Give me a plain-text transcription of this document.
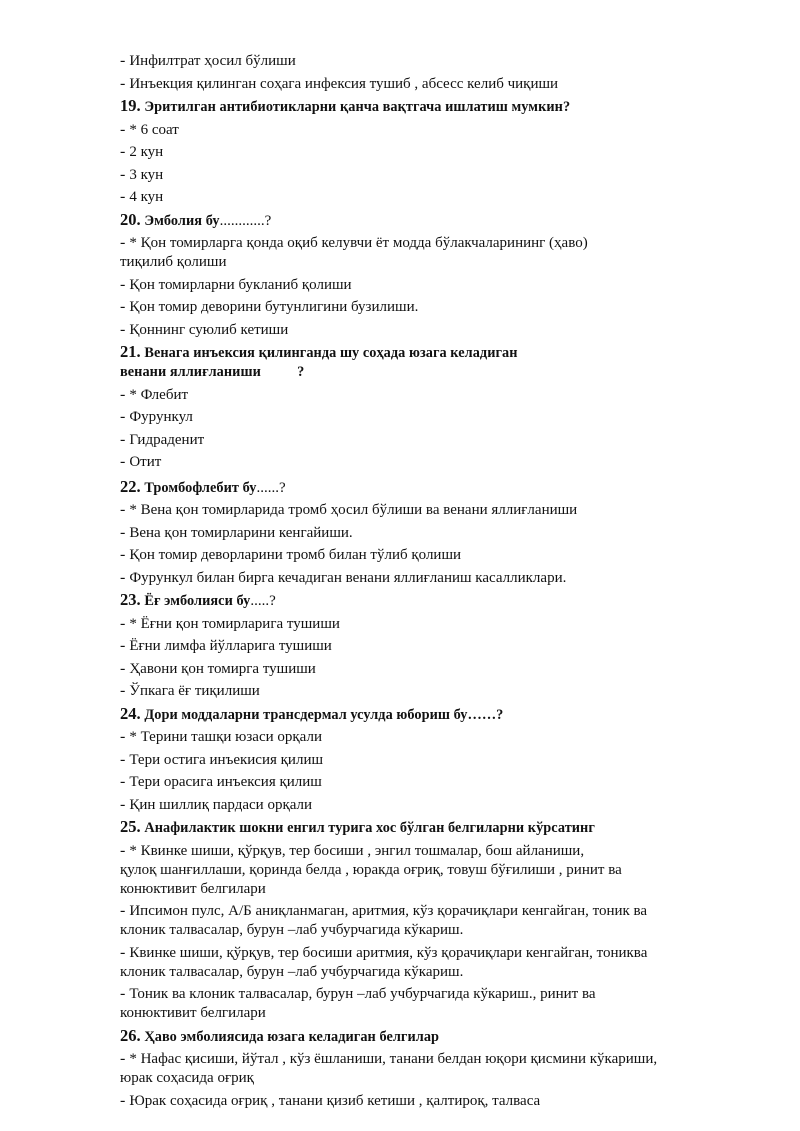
- Инфилтрат ҳосил бўлиши
- Инъекция қилинган соҳага инфексия тушиб , абсесс келиб чиқиши
19. Эритилган антибиотикларни қанча вақтгача ишлатиш мумкин?
- * 6 соат
- 2 кун
- 3 кун
- 4 кун
20. Эмболия бу............?
- * Қон томирларга қонда оқиб келувчи ёт модда бўлакчаларининг (ҳаво)
тиқилиб қолиши
- Қон томирларни букланиб қолиши
- Қон томир деворини бутунлигини бузилиши.
- Қоннинг суюлиб кетиши
21. Венага инъексия қилинганда шу соҳада юзага келадиган
венани яллиғланиши          ?
- * Флебит
- Фурункул
- Гидраденит
- Отит
22. Тромбофлебит бу......?
- * Вена қон томирларида тромб ҳосил бўлиши ва венани яллиғланиши
- Вена қон томирларини кенгайиши.
- Қон томир деворларини тромб билан тўлиб қолиши
- Фурункул билан бирга кечадиган венани яллиғланиш касалликлари.
23. Ёғ эмболияси бу.....?
- * Ёғни қон томирларига тушиши
- Ёғни лимфа йўлларига тушиши
- Ҳавони қон томирга тушиши
- Ўпкага ёғ тиқилиши
24. Дори моддаларни трансдермал усулда юбориш бу……?
- * Терини ташқи юзаси орқали
- Тери остига инъекисия қилиш
- Тери орасига инъексия қилиш
- Қин шиллиқ пардаси орқали
25. Анафилактик шокни енгил турига хос бўлган белгиларни кўрсатинг
- * Квинке шиши, қўрқув, тер босиши , энгил тошмалар, бош айланиши,
қулоқ шанғиллаши, қоринда белда , юракда оғриқ, товуш бўғилиши , ринит ва
конюктивит белгилари
- Ипсимон пулс, А/Б аниқланмаган, аритмия, кўз қорачиқлари кенгайган, тоник ва
клоник талвасалар, бурун –лаб учбурчагида кўкариш.
- Квинке шиши, қўрқув, тер босиши аритмия, кўз қорачиқлари кенгайган, тониква
клоник талвасалар, бурун –лаб учбурчагида кўкариш.
- Тоник ва клоник талвасалар, бурун –лаб учбурчагида кўкариш., ринит ва
конюктивит белгилари
26. Ҳаво эмболиясида юзага келадиган белгилар
- * Нафас қисиши, йўтал , кўз ёшланиши, танани белдан юқори қисмини кўкариши,
юрак соҳасида оғриқ
- Юрак соҳасида оғриқ , танани қизиб кетиши , қалтироқ, талваса
